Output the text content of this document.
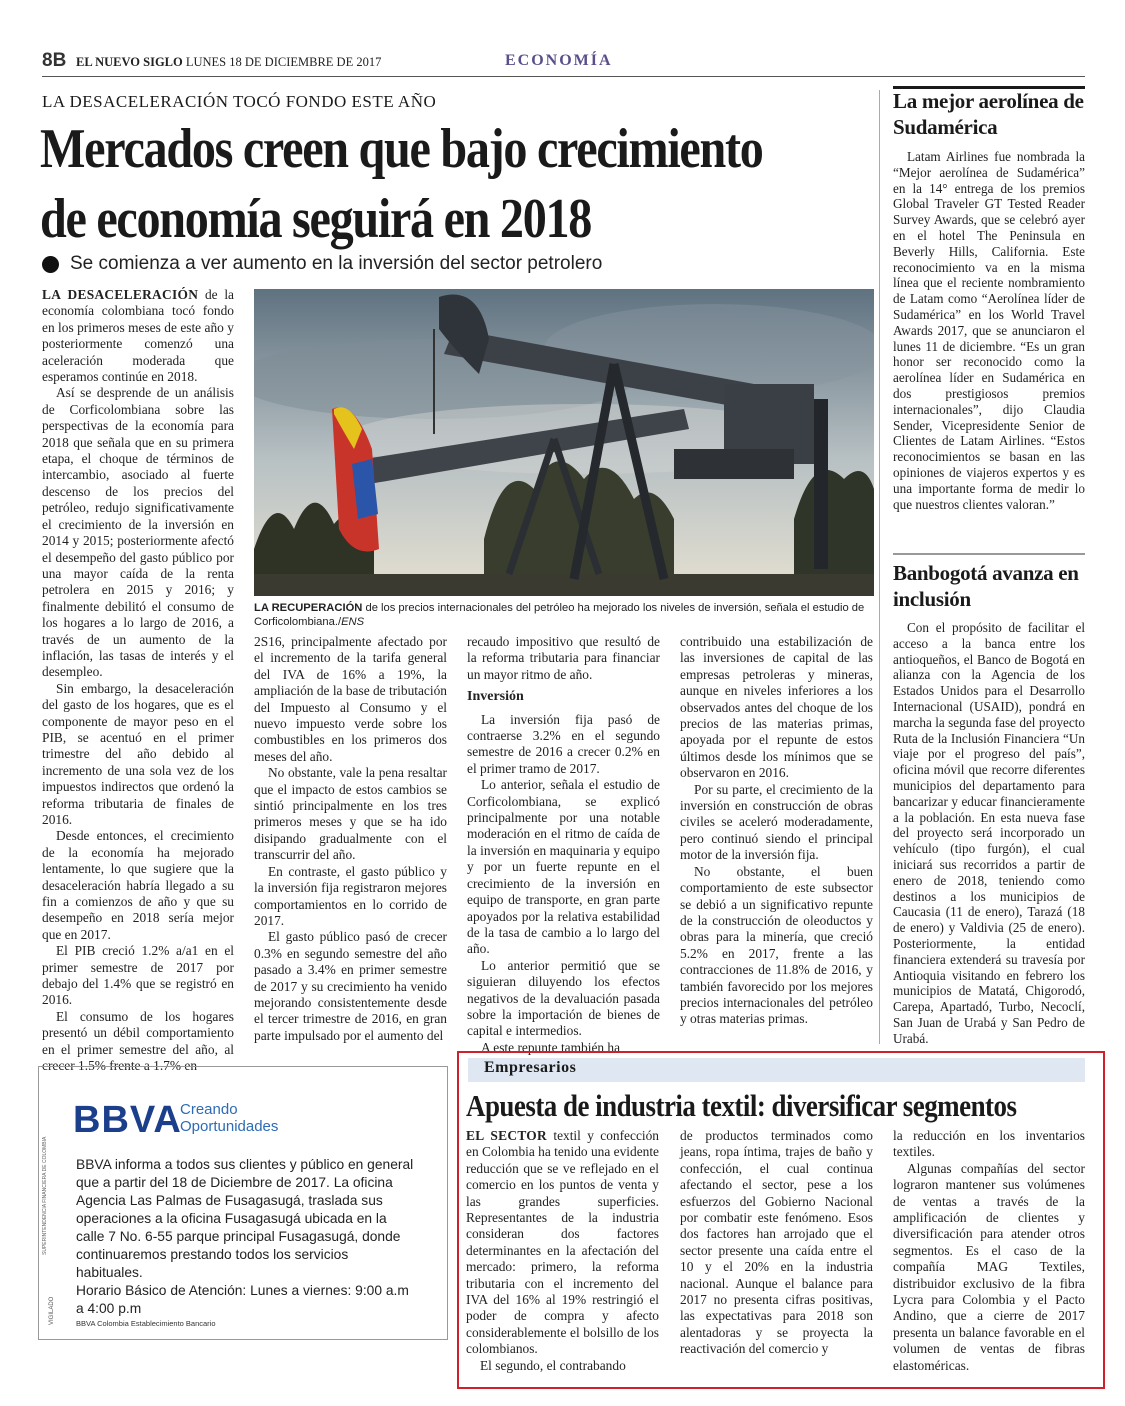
8B EL NUEVO SIGLO LUNES 18 DE DICIEMBRE DE 2017	ECONOMÍA
LA DESACELERACIÓN TOCÓ FONDO ESTE AÑO
Mercados creen que bajo crecimiento
de economía seguirá en 2018
Se comienza a ver aumento en la inversión del sector petrolero

LA DESACELERACIÓN de la economía colombiana tocó fondo en los primeros meses de este año y posteriormente comenzó una aceleración moderada que esperamos continúe en 2018.

Así se desprende de un análisis de Corficolombiana sobre las perspectivas de la economía para 2018 que señala que en su primera etapa, el choque de términos de intercambio, asociado al fuerte descenso de los precios del petróleo, redujo significativamente el crecimiento de la inversión en 2014 y 2015; posteriormente afectó el desempeño del gasto público por una mayor caída de la renta petrolera en 2015 y 2016; y finalmente debilitó el consumo de los hogares a lo largo de 2016, a través de un aumento de la inflación, las tasas de interés y el desempleo.

Sin embargo, la desaceleración del gasto de los hogares, que es el componente de mayor peso en el PIB, se acentuó en el primer trimestre del año debido al incremento de una sola vez de los impuestos indirectos que ordenó la reforma tributaria de finales de 2016.

Desde entonces, el crecimiento de la economía ha mejorado lentamente, lo que sugiere que la desaceleración habría llegado a su fin a comienzos de año y que su desempeño en 2018 sería mejor que en 2017.

El PIB creció 1.2% a/a1 en el primer semestre de 2017 por debajo del 1.4% que se registró en 2016.

El consumo de los hogares presentó un débil comportamiento en el primer semestre del año, al crecer 1.5% frente a 1.7% en

LA RECUPERACIÓN de los precios internacionales del petróleo ha mejorado los niveles de inversión, señala el estudio de Corficolombiana./ENS

2S16, principalmente afectado por el incremento de la tarifa general del IVA de 16% a 19%, la ampliación de la base de tributación del Impuesto al Consumo y el nuevo impuesto verde sobre los combustibles en los primeros dos meses del año.

No obstante, vale la pena resaltar que el impacto de estos cambios se sintió principalmente en los tres primeros meses y que se ha ido disipando gradualmente con el transcurrir del año.

En contraste, el gasto público y la inversión fija registraron mejores comportamientos en lo corrido de 2017.

El gasto público pasó de crecer 0.3% en segundo semestre del año pasado a 3.4% en primer semestre de 2017 y su crecimiento ha venido mejorando consistentemente desde el tercer trimestre de 2016, en gran parte impulsado por el aumento del

recaudo impositivo que resultó de la reforma tributaria para financiar un mayor ritmo de año.

Inversión

La inversión fija pasó de contraerse 3.2% en el segundo semestre de 2016 a crecer 0.2% en el primer tramo de 2017.

Lo anterior, señala el estudio de Corficolombiana, se explicó principalmente por una notable moderación en el ritmo de caída de la inversión en maquinaria y equipo y por un fuerte repunte en el crecimiento de la inversión en equipo de transporte, en gran parte apoyados por la relativa estabilidad de la tasa de cambio a lo largo del año.

Lo anterior permitió que se siguieran diluyendo los efectos negativos de la devaluación pasada sobre la importación de bienes de capital e intermedios.

A este repunte también ha

contribuido una estabilización de las inversiones de capital de las empresas petroleras y mineras, aunque en niveles inferiores a los observados antes del choque de los precios de las materias primas, apoyada por el repunte de estos últimos desde los mínimos que se observaron en 2016.

Por su parte, el crecimiento de la inversión en construcción de obras civiles se aceleró moderadamente, pero continuó siendo el principal motor de la inversión fija.

No obstante, el buen comportamiento de este subsector se debió a un significativo repunte de la construcción de oleoductos y obras para la minería, que creció 5.2% en 2017, frente a las contracciones de 11.8% de 2016, y también favorecido por los mejores precios internacionales del petróleo y otras materias primas.

La mejor aerolínea de Sudamérica

Latam Airlines fue nombrada la “Mejor aerolínea de Sudamérica” en la 14° entrega de los premios Global Traveler GT Tested Reader Survey Awards, que se celebró ayer en el hotel The Peninsula en Beverly Hills, California. Este reconocimiento va en la misma línea que el reciente nombramiento de Latam como “Aerolínea líder de Sudamérica” en los World Travel Awards 2017, que se anunciaron el lunes 11 de diciembre. “Es un gran honor ser reconocido como la aerolínea líder en Sudamérica en dos prestigiosos premios internacionales”, dijo Claudia Sender, Vicepresidente Senior de Clientes de Latam Airlines. “Estos reconocimientos se basan en las opiniones de viajeros expertos y es una importante forma de medir lo que nuestros clientes valoran.”

Banbogotá avanza en inclusión

Con el propósito de facilitar el acceso a la banca entre los antioqueños, el Banco de Bogotá en alianza con la Agencia de los Estados Unidos para el Desarrollo Internacional (USAID), pondrá en marcha la segunda fase del proyecto Ruta de la Inclusión Financiera “Un viaje por el progreso del país”, oficina móvil que recorre diferentes municipios del departamento para bancarizar y educar financieramente a la población. En esta nueva fase del proyecto será incorporado un vehículo (tipo furgón), el cual iniciará sus recorridos a partir de enero de 2018, teniendo como destinos a los municipios de Caucasia (11 de enero), Tarazá (18 de enero) y Valdivia (25 de enero). Posteriormente, la entidad financiera extenderá su travesía por Antioquia visitando en febrero los municipios de Matatá, Chigorodó, Carepa, Apartadó, Turbo, Necoclí, San Juan de Urabá y San Pedro de Urabá.

BBVA
Creando
Oportunidades
BBVA informa a todos sus clientes y público en general que a partir del 18 de Diciembre de 2017. La oficina Agencia Las Palmas de Fusagasugá, traslada sus operaciones a la oficina Fusagasugá ubicada en la calle 7 No. 6-55 parque principal Fusagasugá, donde continuaremos prestando todos los servicios habituales.
Horario Básico de Atención: Lunes a viernes: 9:00 a.m a 4:00 p.m
BBVA Colombia Establecimiento Bancario
SUPERINTENDENCIA FINANCIERA DE COLOMBIA
VIGILADO
Empresarios
Apuesta de industria textil: diversificar segmentos

EL SECTOR textil y confección en Colombia ha tenido una evidente reducción que se ve reflejado en el comercio en los puntos de venta y las grandes superficies. Representantes de la industria consideran dos factores determinantes en la afectación del mercado: primero, la reforma tributaria con el incremento del IVA del 16% al 19% restringió el poder de compra y afecto considerablemente el bolsillo de los colombianos.

El segundo, el contrabando

de productos terminados como jeans, ropa íntima, trajes de baño y confección, el cual continua afectando el sector, pese a los esfuerzos del Gobierno Nacional por combatir este fenómeno. Esos dos factores han arrojado que el sector presente una caída entre el 10 y el 20% en la industria nacional. Aunque el balance para 2017 no presenta cifras positivas, las expectativas para 2018 son alentadoras y se proyecta la reactivación del comercio y

la reducción en los inventarios textiles.

Algunas compañías del sector lograron mantener sus volúmenes de ventas a través de la amplificación de clientes y diversificación para atender otros segmentos. Es el caso de la compañía MAG Textiles, distribuidor exclusivo de la fibra Lycra para Colombia y el Pacto Andino, que a cierre de 2017 presenta un balance favorable en el volumen de ventas de fibras elastoméricas.
